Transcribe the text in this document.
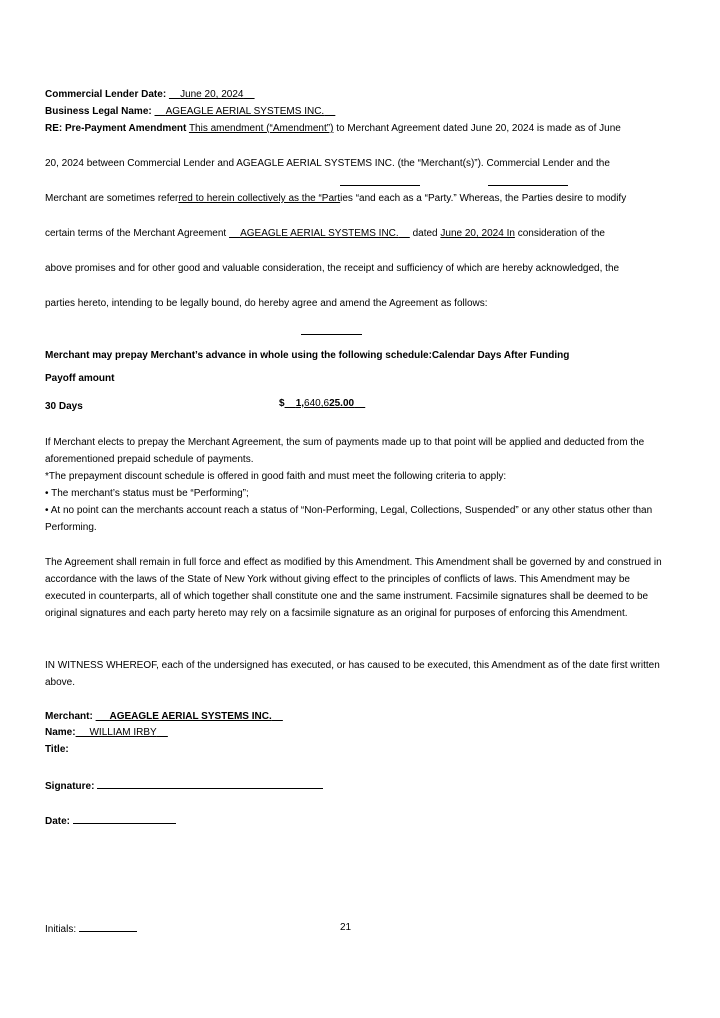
Commercial Lender Date: June 20, 2024
Business Legal Name: AGEAGLE AERIAL SYSTEMS INC.
RE: Pre-Payment Amendment This amendment (“Amendment”) to Merchant Agreement dated June 20, 2024 is made as of June
20, 2024 between Commercial Lender and AGEAGLE AERIAL SYSTEMS INC. (the “Merchant(s)”). Commercial Lender and the
Merchant are sometimes referred to herein collectively as the “Parties “and each as a “Party.” Whereas, the Parties desire to modify
certain terms of the Merchant Agreement     AGEAGLE AERIAL SYSTEMS INC.     dated June 20, 2024 In consideration of the
above promises and for other good and valuable consideration, the receipt and sufficiency of which are hereby acknowledged, the
parties hereto, intending to be legally bound, do hereby agree and amend the Agreement as follows:
Merchant may prepay Merchant’s advance in whole using the following schedule:Calendar Days After Funding
Payoff amount
30 Days	$ 1,640,625.00

If Merchant elects to prepay the Merchant Agreement, the sum of payments made up to that point will be applied and deducted from the aforementioned prepaid schedule of payments.

*The prepayment discount schedule is offered in good faith and must meet the following criteria to apply:

• The merchant’s status must be “Performing”;

• At no point can the merchants account reach a status of “Non-Performing, Legal, Collections, Suspended” or any other status other than Performing.

The Agreement shall remain in full force and effect as modified by this Amendment. This Amendment shall be governed by and construed in accordance with the laws of the State of New York without giving effect to the principles of conflicts of laws. This Amendment may be executed in counterparts, all of which together shall constitute one and the same instrument. Facsimile signatures shall be deemed to be original signatures and each party hereto may rely on a facsimile signature as an original for purposes of enforcing this Amendment.

IN WITNESS WHEREOF, each of the undersigned has executed, or has caused to be executed, this Amendment as of the date first written above.

Merchant: AGEAGLE AERIAL SYSTEMS INC.
Name: WILLIAM IRBY
Title:
Signature:
Date:
Initials:	21
